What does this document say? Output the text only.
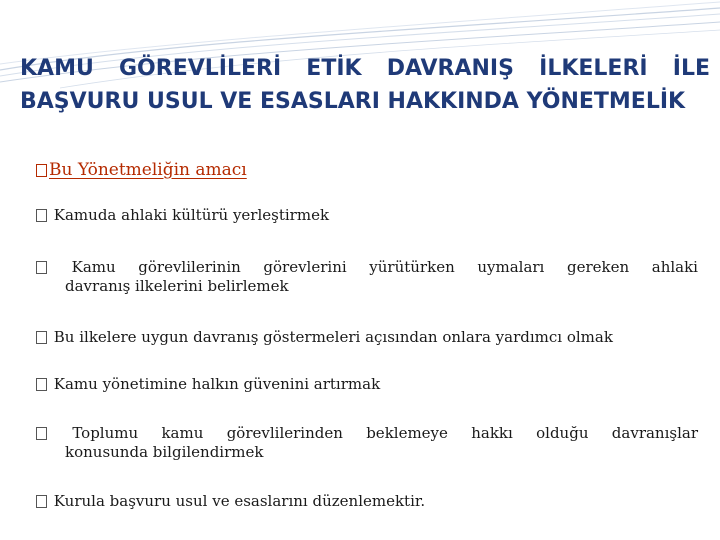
KAMU GÖREVLİLERİ ETİK DAVRANIŞ İLKELERİ İLE
BAŞVURU USUL VE ESASLARI HAKKINDA YÖNETMELİK
Bu Yönetmeliğin amacı
Kamuda ahlaki kültürü yerleştirmek
Kamu görevlilerinin görevlerini yürütürken uymaları gereken ahlaki
davranış ilkelerini belirlemek
Bu ilkelere uygun davranış göstermeleri açısından onlara yardımcı olmak
Kamu yönetimine halkın güvenini artırmak
Toplumu kamu görevlilerinden beklemeye hakkı olduğu davranışlar
konusunda bilgilendirmek
Kurula başvuru usul ve esaslarını düzenlemektir.
